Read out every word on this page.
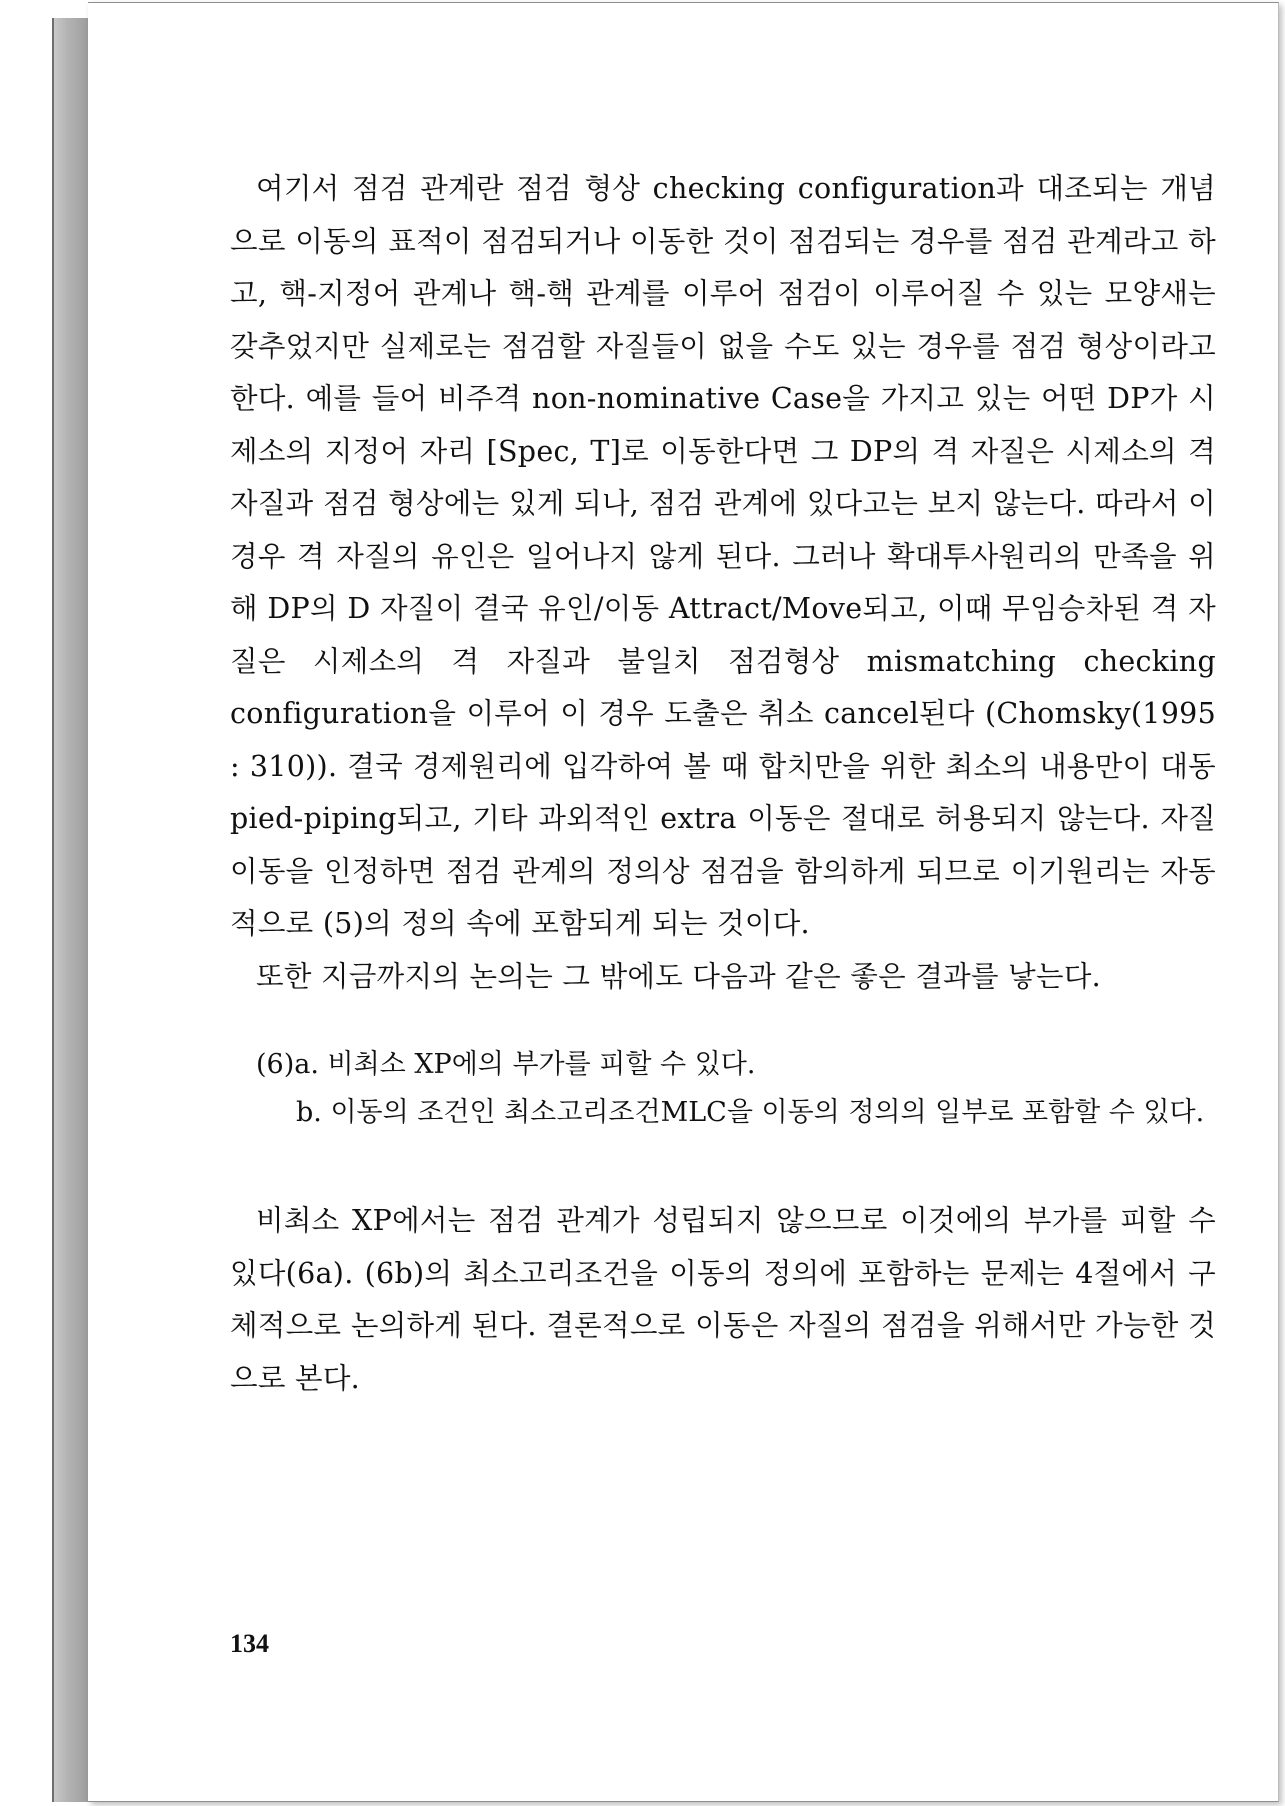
여기서 점검 관계란 점검 형상 checking configuration과 대조되는 개념으로 이동의 표적이 점검되거나 이동한 것이 점검되는 경우를 점검 관계라고 하고, 핵-지정어 관계나 핵-핵 관계를 이루어 점검이 이루어질 수 있는 모양새는 갖추었지만 실제로는 점검할 자질들이 없을 수도 있는 경우를 점검 형상이라고 한다. 예를 들어 비주격 non-nominative Case을 가지고 있는 어떤 DP가 시제소의 지정어 자리 [Spec, T]로 이동한다면 그 DP의 격 자질은 시제소의 격 자질과 점검 형상에는 있게 되나, 점검 관계에 있다고는 보지 않는다. 따라서 이 경우 격 자질의 유인은 일어나지 않게 된다. 그러나 확대투사원리의 만족을 위해 DP의 D 자질이 결국 유인/이동 Attract/Move되고, 이때 무임승차된 격 자질은 시제소의 격 자질과 불일치 점검형상 mismatching checking configuration을 이루어 이 경우 도출은 취소 cancel된다 (Chomsky(1995 : 310)). 결국 경제원리에 입각하여 볼 때 합치만을 위한 최소의 내용만이 대동 pied-piping되고, 기타 과외적인 extra 이동은 절대로 허용되지 않는다. 자질 이동을 인정하면 점검 관계의 정의상 점검을 함의하게 되므로 이기원리는 자동적으로 (5)의 정의 속에 포함되게 되는 것이다.

또한 지금까지의 논의는 그 밖에도 다음과 같은 좋은 결과를 낳는다.

(6)a. 비최소 XP에의 부가를 피할 수 있다.
b. 이동의 조건인 최소고리조건MLC을 이동의 정의의 일부로 포함할 수 있다.

비최소 XP에서는 점검 관계가 성립되지 않으므로 이것에의 부가를 피할 수 있다(6a). (6b)의 최소고리조건을 이동의 정의에 포함하는 문제는 4절에서 구체적으로 논의하게 된다. 결론적으로 이동은 자질의 점검을 위해서만 가능한 것으로 본다.

134
